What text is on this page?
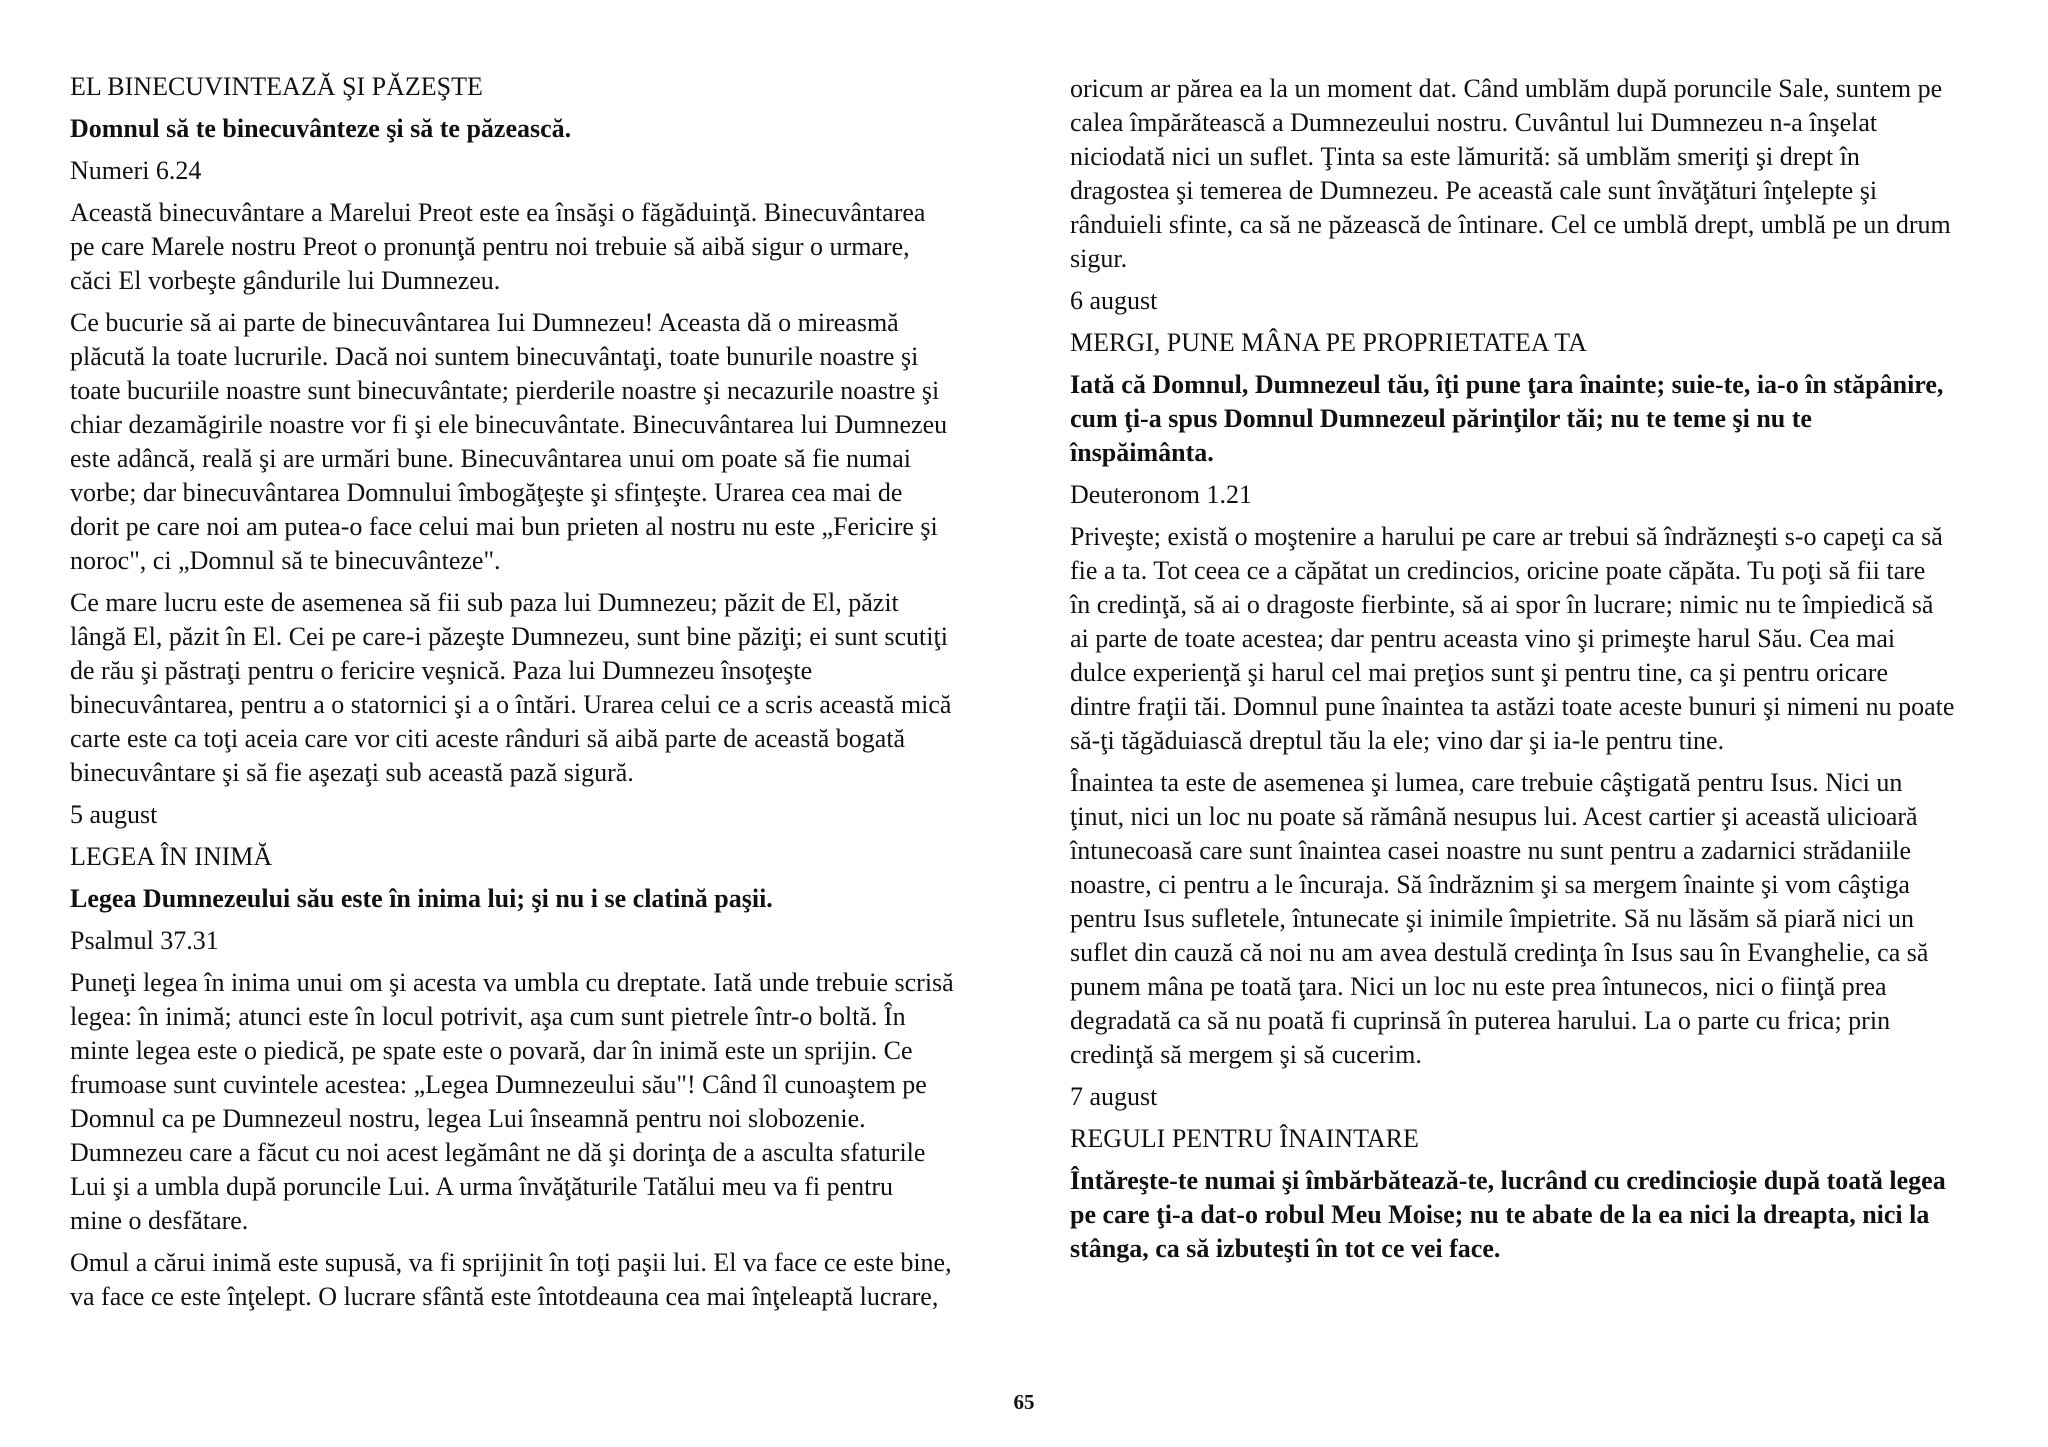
EL BINECUVINTEAZĂ ŞI PĂZEŞTE

Domnul să te binecuvânteze şi să te păzească.

Numeri 6.24

Această binecuvântare a Marelui Preot este ea însăşi o făgăduinţă. Binecuvântarea
pe care Marele nostru Preot o pronunţă pentru noi trebuie să aibă sigur o urmare,
căci El vorbeşte gândurile lui Dumnezeu.

Ce bucurie să ai parte de binecuvântarea Iui Dumnezeu! Aceasta dă o mireasmă
plăcută la toate lucrurile. Dacă noi suntem binecuvântaţi, toate bunurile noastre şi
toate bucuriile noastre sunt binecuvântate; pierderile noastre şi necazurile noastre şi
chiar dezamăgirile noastre vor fi şi ele binecuvântate. Binecuvântarea lui Dumnezeu
este adâncă, reală şi are urmări bune. Binecuvântarea unui om poate să fie numai
vorbe; dar binecuvântarea Domnului îmbogăţeşte şi sfinţeşte. Urarea cea mai de
dorit pe care noi am putea-o face celui mai bun prieten al nostru nu este „Fericire şi
noroc", ci „Domnul să te binecuvânteze".

Ce mare lucru este de asemenea să fii sub paza lui Dumnezeu; păzit de El, păzit
lângă El, păzit în El. Cei pe care-i păzeşte Dumnezeu, sunt bine păziţi; ei sunt scutiţi
de rău şi păstraţi pentru o fericire veşnică. Paza lui Dumnezeu însoţeşte
binecuvântarea, pentru a o statornici şi a o întări. Urarea celui ce a scris această mică
carte este ca toţi aceia care vor citi aceste rânduri să aibă parte de această bogată
binecuvântare şi să fie aşezaţi sub această pază sigură.

5 august

LEGEA ÎN INIMĂ

Legea Dumnezeului său este în inima lui; şi nu i se clatină paşii.

Psalmul 37.31

Puneţi legea în inima unui om şi acesta va umbla cu dreptate. Iată unde trebuie scrisă
legea: în inimă; atunci este în locul potrivit, aşa cum sunt pietrele într-o boltă. În
minte legea este o piedică, pe spate este o povară, dar în inimă este un sprijin. Ce
frumoase sunt cuvintele acestea: „Legea Dumnezeului său"! Când îl cunoaştem pe
Domnul ca pe Dumnezeul nostru, legea Lui înseamnă pentru noi slobozenie.
Dumnezeu care a făcut cu noi acest legământ ne dă şi dorinţa de a asculta sfaturile
Lui şi a umbla după poruncile Lui. A urma învăţăturile Tatălui meu va fi pentru
mine o desfătare.

Omul a cărui inimă este supusă, va fi sprijinit în toţi paşii lui. El va face ce este bine,
va face ce este înţelept. O lucrare sfântă este întotdeauna cea mai înţeleaptă lucrare,

oricum ar părea ea la un moment dat. Când umblăm după poruncile Sale, suntem pe
calea împărătească a Dumnezeului nostru. Cuvântul lui Dumnezeu n-a înşelat
niciodată nici un suflet. Ţinta sa este lămurită: să umblăm smeriţi şi drept în
dragostea şi temerea de Dumnezeu. Pe această cale sunt învăţături înţelepte şi
rânduieli sfinte, ca să ne păzească de întinare. Cel ce umblă drept, umblă pe un drum
sigur.

6 august

MERGI, PUNE MÂNA PE PROPRIETATEA TA

Iată că Domnul, Dumnezeul tău, îţi pune ţara înainte; suie-te, ia-o în stăpânire,
cum ţi-a spus Domnul Dumnezeul părinţilor tăi; nu te teme şi nu te
înspăimânta.

Deuteronom 1.21

Priveşte; există o moştenire a harului pe care ar trebui să îndrăzneşti s-o capeţi ca să
fie a ta. Tot ceea ce a căpătat un credincios, oricine poate căpăta. Tu poţi să fii tare
în credinţă, să ai o dragoste fierbinte, să ai spor în lucrare; nimic nu te împiedică să
ai parte de toate acestea; dar pentru aceasta vino şi primeşte harul Său. Cea mai
dulce experienţă şi harul cel mai preţios sunt şi pentru tine, ca şi pentru oricare
dintre fraţii tăi. Domnul pune înaintea ta astăzi toate aceste bunuri şi nimeni nu poate
să-ţi tăgăduiască dreptul tău la ele; vino dar şi ia-le pentru tine.

Înaintea ta este de asemenea şi lumea, care trebuie câştigată pentru Isus. Nici un
ţinut, nici un loc nu poate să rămână nesupus lui. Acest cartier şi această ulicioară
întunecoasă care sunt înaintea casei noastre nu sunt pentru a zadarnici strădaniile
noastre, ci pentru a le încuraja. Să îndrăznim şi sa mergem înainte şi vom câştiga
pentru Isus sufletele, întunecate şi inimile împietrite. Să nu lăsăm să piară nici un
suflet din cauză că noi nu am avea destulă credinţa în Isus sau în Evanghelie, ca să
punem mâna pe toată ţara. Nici un loc nu este prea întunecos, nici o fiinţă prea
degradată ca să nu poată fi cuprinsă în puterea harului. La o parte cu frica; prin
credinţă să mergem şi să cucerim.

7 august

REGULI PENTRU ÎNAINTARE

Întăreşte-te numai şi îmbărbătează-te, lucrând cu credincioşie după toată legea
pe care ţi-a dat-o robul Meu Moise; nu te abate de la ea nici la dreapta, nici la
stânga, ca să izbuteşti în tot ce vei face.

65
